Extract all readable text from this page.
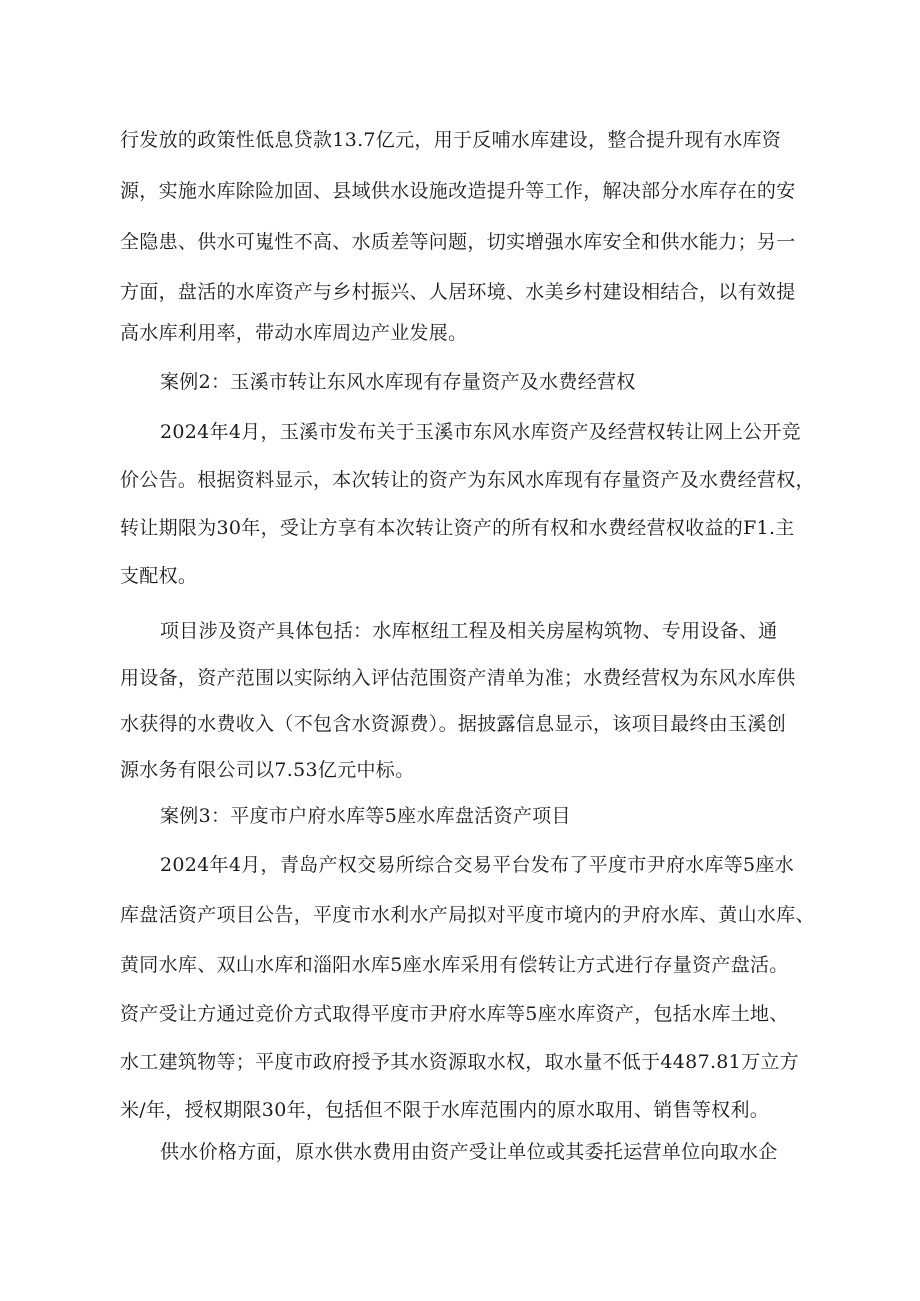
行发放的政策性低息贷款13.7亿元，用于反哺水库建设，整合提升现有水库资
源，实施水库除险加固、县域供水设施改造提升等工作，解决部分水库存在的安
全隐患、供水可嵬性不高、水质差等问题，切实增强水库安全和供水能力；另一
方面，盘活的水库资产与乡村振兴、人居环境、水美乡村建设相结合，以有效提
高水库利用率，带动水库周边产业发展。
案例2：玉溪市转让东风水库现有存量资产及水费经营权
2024年4月，玉溪市发布关于玉溪市东风水库资产及经营权转让网上公开竞
价公告。根据资料显示，本次转让的资产为东风水库现有存量资产及水费经营权，
转让期限为30年，受让方享有本次转让资产的所有权和水费经营权收益的F1.主
支配权。
项目涉及资产具体包括：水库枢纽工程及相关房屋构筑物、专用设备、通
用设备，资产范围以实际纳入评估范围资产清单为准；水费经营权为东风水库供
水获得的水费收入（不包含水资源费）。据披露信息显示，该项目最终由玉溪创
源水务有限公司以7.53亿元中标。
案例3：平度市户府水库等5座水库盘活资产项目
2024年4月，青岛产权交易所综合交易平台发布了平度市尹府水库等5座水
库盘活资产项目公告，平度市水利水产局拟对平度市境内的尹府水库、黄山水库、
黄同水库、双山水库和淄阳水库5座水库采用有偿转让方式进行存量资产盘活。
资产受让方通过竞价方式取得平度市尹府水库等5座水库资产，包括水库土地、
水工建筑物等；平度市政府授予其水资源取水权，取水量不低于4487.81万立方
米/年，授权期限30年，包括但不限于水库范围内的原水取用、销售等权利。
供水价格方面，原水供水费用由资产受让单位或其委托运营单位向取水企
